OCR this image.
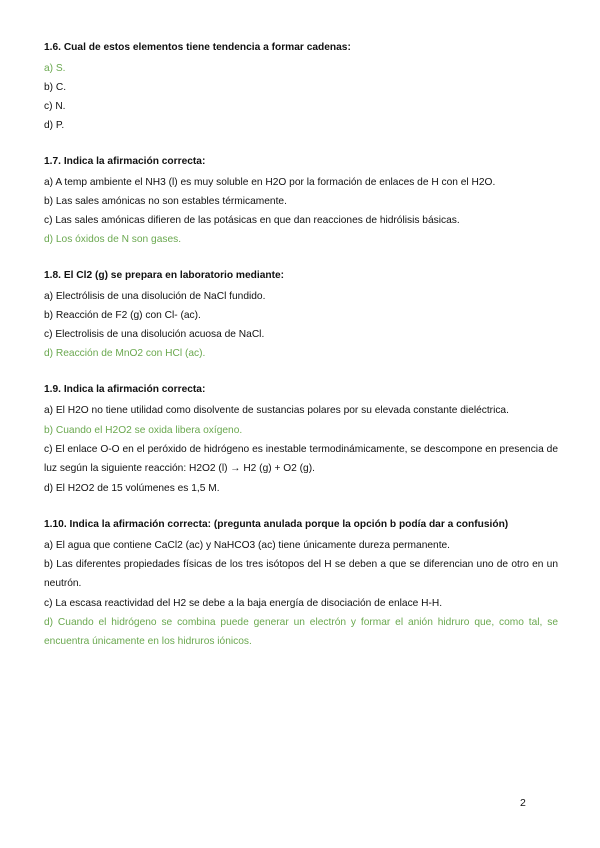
1.6. Cual de estos elementos tiene tendencia a formar cadenas:
a) S.
b) C.
c) N.
d) P.
1.7. Indica la afirmación correcta:
a) A temp ambiente el NH3 (l) es muy soluble en H2O por la formación de enlaces de H con el H2O.
b) Las sales amónicas no son estables térmicamente.
c) Las sales amónicas difieren de las potásicas en que dan reacciones de hidrólisis básicas.
d) Los óxidos de N son gases.
1.8. El Cl2 (g) se prepara en laboratorio mediante:
a) Electrólisis de una disolución de NaCl fundido.
b) Reacción de F2 (g) con Cl- (ac).
c) Electrolisis de una disolución acuosa de NaCl.
d) Reacción de MnO2 con HCl (ac).
1.9. Indica la afirmación correcta:
a) El H2O no tiene utilidad como disolvente de sustancias polares por su elevada constante dieléctrica.
b) Cuando el H2O2 se oxida libera oxígeno.
c) El enlace O-O en el peróxido de hidrógeno es inestable termodinámicamente, se descompone en presencia de luz según la siguiente reacción: H2O2 (l) → H2 (g) + O2 (g).
d) El H2O2 de 15 volúmenes es 1,5 M.
1.10. Indica la afirmación correcta: (pregunta anulada porque la opción b podía dar a confusión)
a) El agua que contiene CaCl2 (ac) y NaHCO3 (ac) tiene únicamente dureza permanente.
b) Las diferentes propiedades físicas de los tres isótopos del H se deben a que se diferencian uno de otro en un neutrón.
c) La escasa reactividad del H2 se debe a la baja energía de disociación de enlace H-H.
d) Cuando el hidrógeno se combina puede generar un electrón y formar el anión hidruro que, como tal, se encuentra únicamente en los hidruros iónicos.
2
